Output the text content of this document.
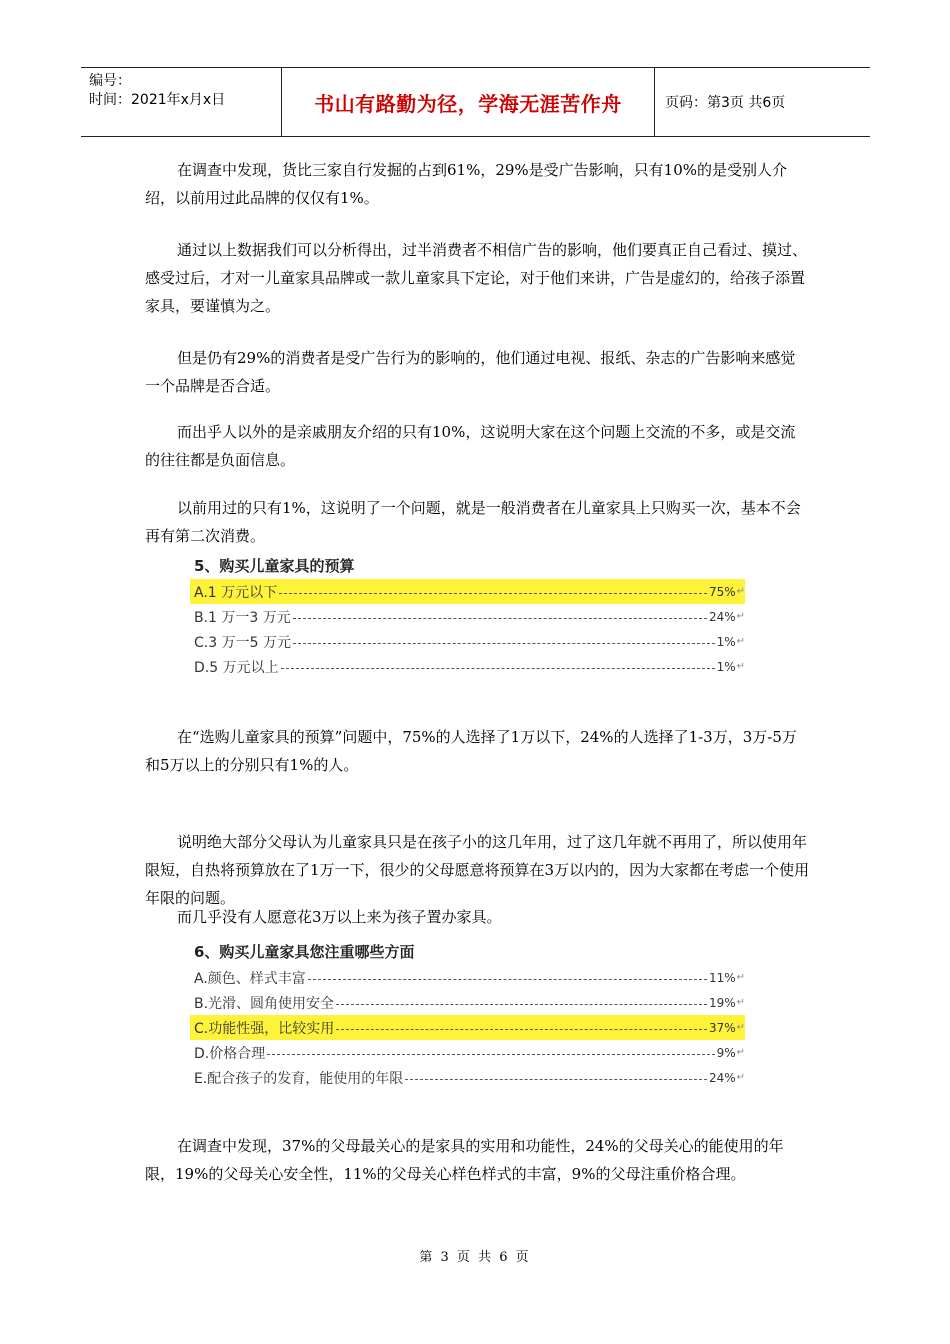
编号：
时间：2021年x月x日	书山有路勤为径，学海无涯苦作舟	页码：第3页 共6页

在调查中发现，货比三家自行发掘的占到61%，29%是受广告影响，只有10%的是受别人介绍，以前用过此品牌的仅仅有1%。

通过以上数据我们可以分析得出，过半消费者不相信广告的影响，他们要真正自己看过、摸过、感受过后，才对一儿童家具品牌或一款儿童家具下定论，对于他们来讲，广告是虚幻的，给孩子添置家具，要谨慎为之。

但是仍有29%的消费者是受广告行为的影响的，他们通过电视、报纸、杂志的广告影响来感觉一个品牌是否合适。

而出乎人以外的是亲戚朋友介绍的只有10%，这说明大家在这个问题上交流的不多，或是交流的往往都是负面信息。

以前用过的只有1%，这说明了一个问题，就是一般消费者在儿童家具上只购买一次，基本不会再有第二次消费。

5、购买儿童家具的预算
A.1 万元以下	75% ↵
B.1 万一3 万元	24% ↵
C.3 万一5 万元	1% ↵
D.5 万元以上	1% ↵

在“选购儿童家具的预算”问题中，75%的人选择了1万以下，24%的人选择了1-3万，3万-5万和5万以上的分别只有1%的人。

说明绝大部分父母认为儿童家具只是在孩子小的这几年用，过了这几年就不再用了，所以使用年限短，自热将预算放在了1万一下，很少的父母愿意将预算在3万以内的，因为大家都在考虑一个使用年限的问题。

而几乎没有人愿意花3万以上来为孩子置办家具。

6、购买儿童家具您注重哪些方面
A.颜色、样式丰富	11% ↵
B.光滑、圆角使用安全	19% ↵
C.功能性强，比较实用	37% ↵
D.价格合理	9% ↵
E.配合孩子的发育，能使用的年限	24% ↵

在调查中发现，37%的父母最关心的是家具的实用和功能性，24%的父母关心的能使用的年限，19%的父母关心安全性，11%的父母关心样色样式的丰富，9%的父母注重价格合理。

第 3 页 共 6 页
